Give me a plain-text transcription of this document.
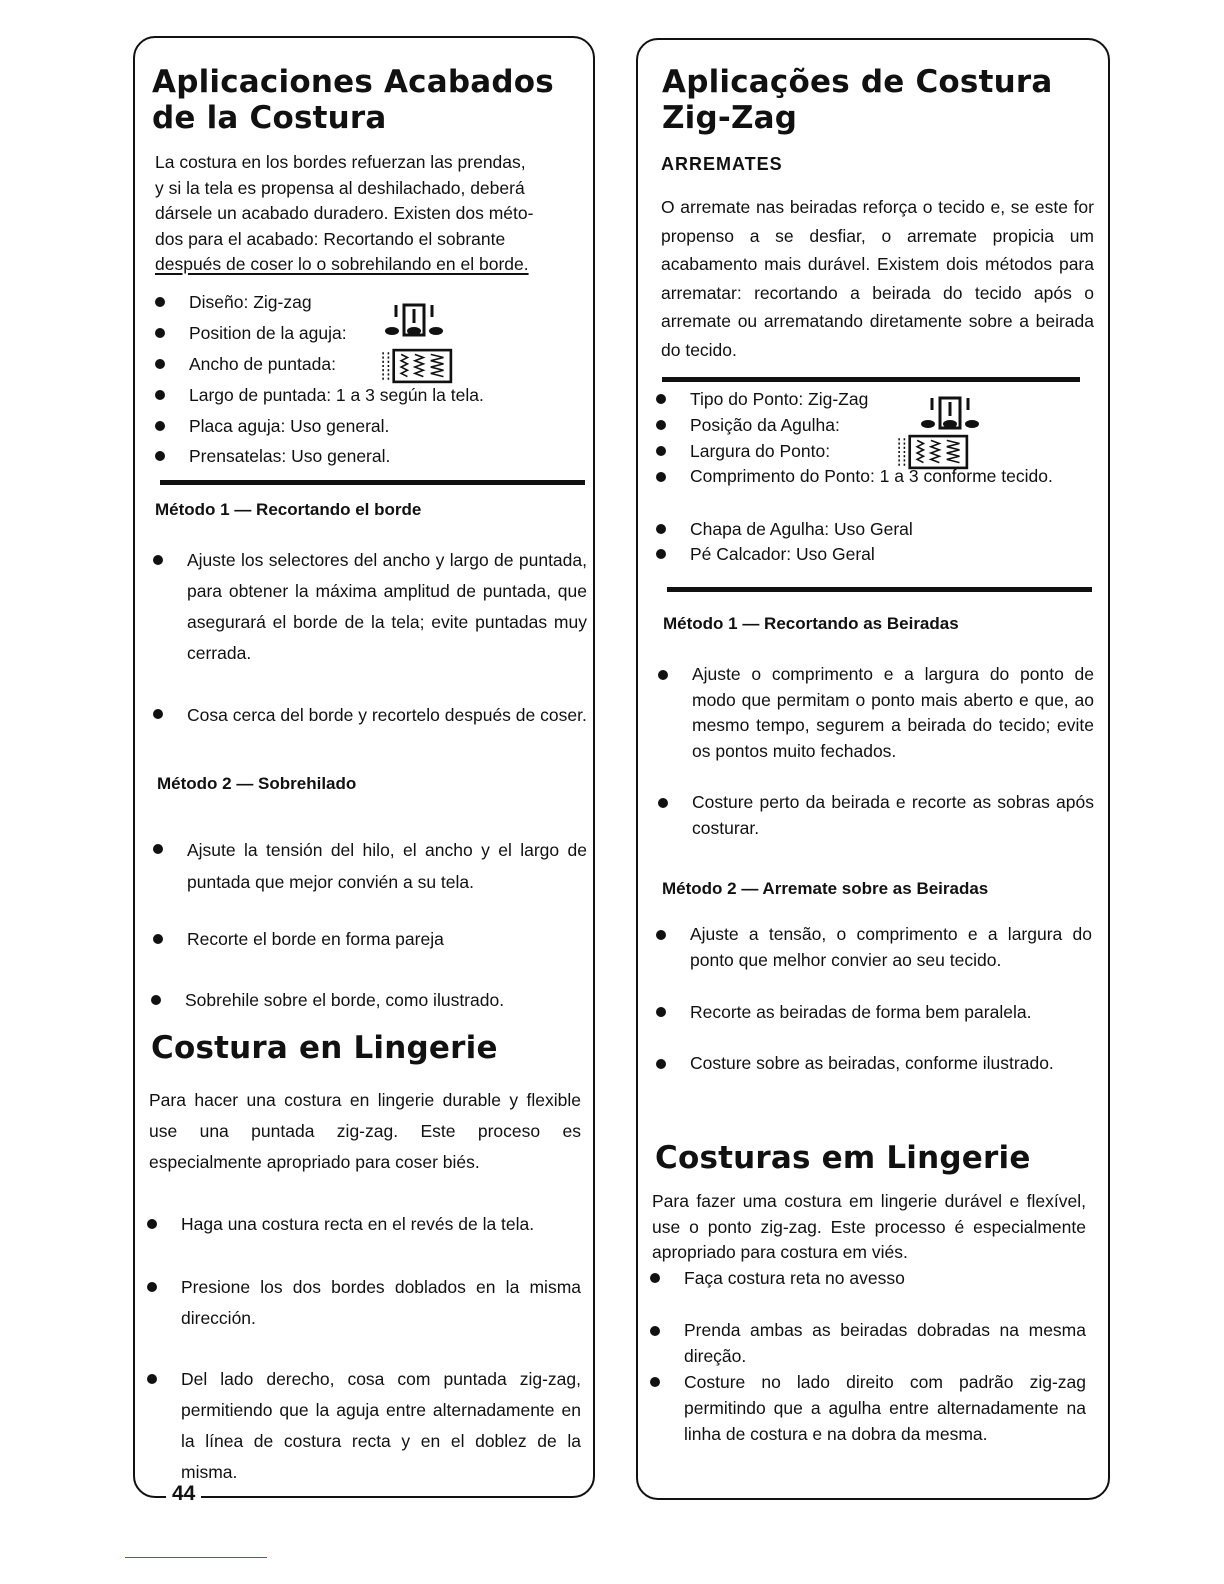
Aplicaciones Acabados de la Costura
La costura en los bordes refuerzan las prendas,
y si la tela es propensa al deshilachado, deberá
dársele un acabado duradero. Existen dos méto-
dos para el acabado: Recortando el sobrante
después de coser lo o sobrehilando en el borde.
Diseño: Zig-zag
Position de la aguja:
Ancho de puntada:
Largo de puntada: 1 a 3 según la tela.
Placa aguja: Uso general.
Prensatelas: Uso general.
Método 1 — Recortando el borde
Ajuste los selectores del ancho y largo de puntada, para obtener la máxima amplitud de puntada, que asegurará el borde de la tela; evite puntadas muy cerrada.
Cosa cerca del borde y recortelo después de coser.
Método 2 — Sobrehilado
Ajsute la tensión del hilo, el ancho y el largo de puntada que mejor convién a su tela.
Recorte el borde en forma pareja
Sobrehile sobre el borde, como ilustrado.
Costura en Lingerie
Para hacer una costura en lingerie durable y flexible use una puntada zig-zag. Este proceso es especialmente apropriado para coser biés.
Haga una costura recta en el revés de la tela.
Presione los dos bordes doblados en la misma dirección.
Del lado derecho, cosa com puntada zig-zag, permitiendo que la aguja entre alternadamente en la línea de costura recta y en el doblez de la misma.
44
Aplicações de Costura Zig-Zag
ARREMATES
O arremate nas beiradas reforça o tecido e, se este for propenso a se desfiar, o arremate propicia um acabamento mais durável. Existem dois métodos para arrematar: recortando a beirada do tecido após o arremate ou arrematando diretamente sobre a beirada do tecido.
Tipo do Ponto: Zig-Zag
Posição da Agulha:
Largura do Ponto:
Comprimento do Ponto: 1 a 3 conforme tecido.
Chapa de Agulha: Uso Geral
Pé Calcador: Uso Geral
Método 1 — Recortando as Beiradas
Ajuste o comprimento e a largura do ponto de modo que permitam o ponto mais aberto e que, ao mesmo tempo, segurem a beirada do tecido; evite os pontos muito fechados.
Costure perto da beirada e recorte as sobras após costurar.
Método 2 — Arremate sobre as Beiradas
Ajuste a tensão, o comprimento e a largura do ponto que melhor convier ao seu tecido.
Recorte as beiradas de forma bem paralela.
Costure sobre as beiradas, conforme ilustrado.
Costuras em Lingerie
Para fazer uma costura em lingerie durável e flexível, use o ponto zig-zag. Este processo é especialmente apropriado para costura em viés.
Faça costura reta no avesso
Prenda ambas as beiradas dobradas na mesma direção.
Costure no lado direito com padrão zig-zag permitindo que a agulha entre alternadamente na linha de costura e na dobra da mesma.
